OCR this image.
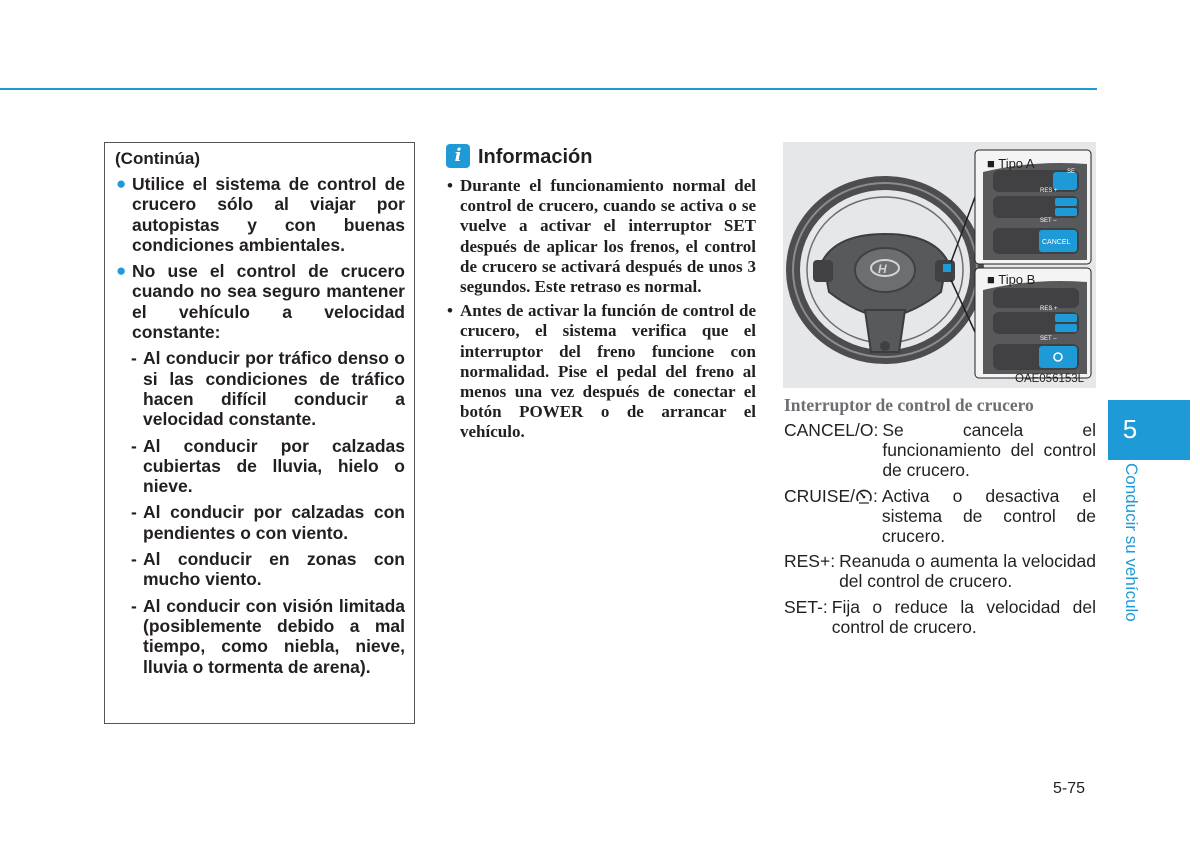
(Continúa)
● Utilice el sistema de control de crucero sólo al viajar por autopistas y con buenas condiciones ambientales.
● No use el control de crucero cuando no sea seguro mantener el vehículo a velocidad constante:
- Al conducir por tráfico denso o si las condiciones de tráfico hacen difícil conducir a velocidad constante.
- Al conducir por calzadas cubiertas de lluvia, hielo o nieve.
- Al conducir por calzadas con pendientes o con viento.
- Al conducir en zonas con mucho viento.
- Al conducir con visión limitada (posiblemente debido a mal tiempo, como niebla, nieve, lluvia o tormenta de arena).
i Información
• Durante el funcionamiento normal del control de crucero, cuando se activa o se vuelve a activar el interruptor SET después de aplicar los frenos, el control de crucero se activará después de unos 3 segundos. Este retraso es normal.
• Antes de activar la función de control de crucero, el sistema verifica que el interruptor del freno funcione con normalidad. Pise el pedal del freno al menos una vez después de conectar el botón POWER o de arrancar el vehículo.
H
■ Tipo A
■ Tipo B
SE
RES +
SET –
CANCEL
RES +
SET –
OAE056153L
Interruptor de control de crucero
CANCEL/O: Se cancela el funcionamiento del control de crucero.
CRUISE/ : Activa o desactiva el sistema de control de crucero.
RES+: Reanuda o aumenta la velocidad del control de crucero.
SET-: Fija o reduce la velocidad del control de crucero.
5
Conducir su vehículo
5-75
